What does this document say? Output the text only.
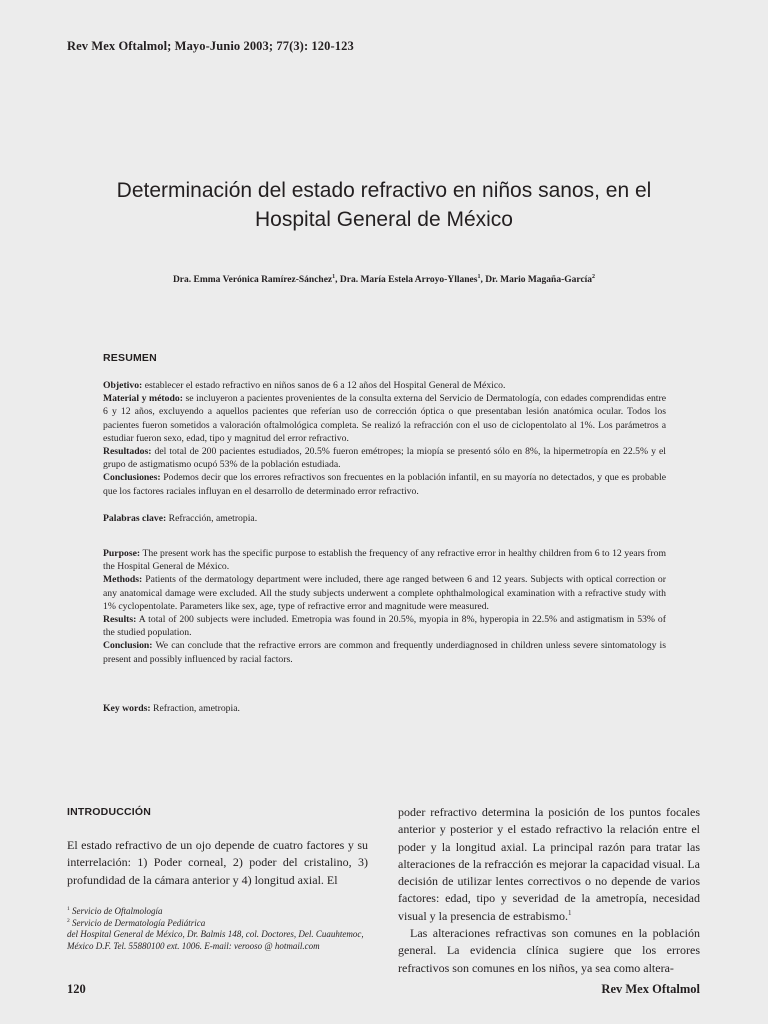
Rev Mex Oftalmol; Mayo-Junio 2003; 77(3): 120-123
Determinación del estado refractivo en niños sanos, en el
Hospital General de México
Dra. Emma Verónica Ramírez-Sánchez$^1$, Dra. María Estela Arroyo-Yllanes$^1$, Dr. Mario Magaña-García$^2$
RESUMEN

Objetivo: establecer el estado refractivo en niños sanos de 6 a 12 años del Hospital General de México.

Material y método: se incluyeron a pacientes provenientes de la consulta externa del Servicio de Dermatología, con edades comprendidas entre 6 y 12 años, excluyendo a aquellos pacientes que referían uso de corrección óptica o que presentaban lesión anatómica ocular. Todos los pacientes fueron sometidos a valoración oftalmológica completa. Se realizó la refracción con el uso de ciclopentolato al 1%. Los parámetros a estudiar fueron sexo, edad, tipo y magnitud del error refractivo.

Resultados: del total de 200 pacientes estudiados, 20.5% fueron emétropes; la miopía se presentó sólo en 8%, la hipermetropía en 22.5% y el grupo de astigmatismo ocupó 53% de la población estudiada.

Conclusiones: Podemos decir que los errores refractivos son frecuentes en la población infantil, en su mayoría no detectados, y que es probable que los factores raciales influyan en el desarrollo de determinado error refractivo.

Palabras clave: Refracción, ametropia.

Purpose: The present work has the specific purpose to establish the frequency of any refractive error in healthy children from 6 to 12 years from the Hospital General de México.

Methods: Patients of the dermatology department were included, there age ranged between 6 and 12 years. Subjects with optical correction or any anatomical damage were excluded. All the study subjects underwent a complete ophthalmological examination with a refractive study with 1% cyclopentolate. Parameters like sex, age, type of refractive error and magnitude were measured.

Results: A total of 200 subjects were included. Emetropia was found in 20.5%, myopia in 8%, hyperopia in 22.5% and astigmatism in 53% of the studied population.

Conclusion: We can conclude that the refractive errors are common and frequently underdiagnosed in children unless severe sintomatology is present and possibly influenced by racial factors.

Key words: Refraction, ametropia.
INTRODUCCIÓN

El estado refractivo de un ojo depende de cuatro factores y su interrelación: 1) Poder corneal, 2) poder del cristalino, 3) profundidad de la cámara anterior y 4) longitud axial. El

$^1$ Servicio de Oftalmología
$^2$ Servicio de Dermatología Pediátrica
del Hospital General de México, Dr. Balmis 148, col. Doctores, Del. Cuauhtemoc, México D.F. Tel. 55880100 ext. 1006. E-mail: verooso @ hotmail.com

poder refractivo determina la posición de los puntos focales anterior y posterior y el estado refractivo la relación entre el poder y la longitud axial. La principal razón para tratar las alteraciones de la refracción es mejorar la capacidad visual. La decisión de utilizar lentes correctivos o no depende de varios factores: edad, tipo y severidad de la ametropía, necesidad visual y la presencia de estrabismo.$^1$

Las alteraciones refractivas son comunes en la población general. La evidencia clínica sugiere que los errores refractivos son comunes en los niños, ya sea como altera-

120	Rev Mex Oftalmol
